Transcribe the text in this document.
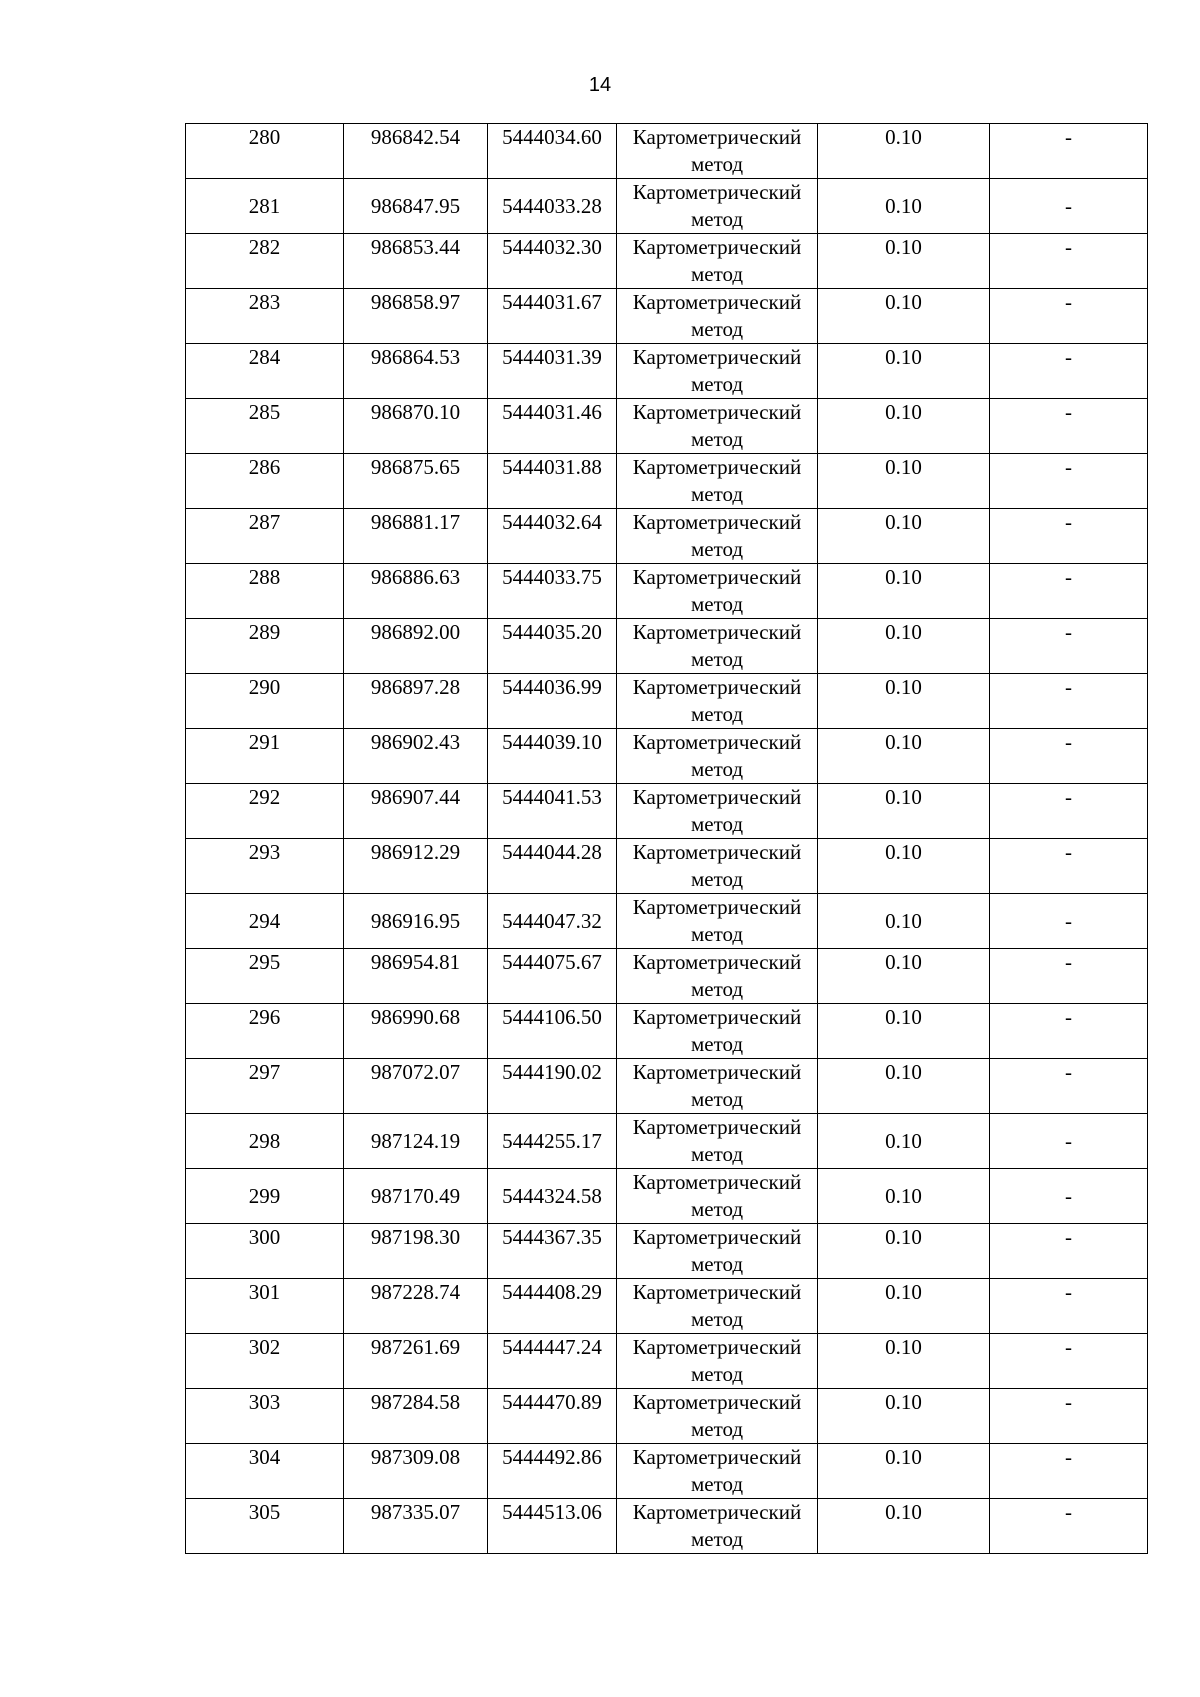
14
280	986842.54	5444034.60	Картометрический метод	0.10	-
281	986847.95	5444033.28	Картометрический метод	0.10	-
282	986853.44	5444032.30	Картометрический метод	0.10	-
283	986858.97	5444031.67	Картометрический метод	0.10	-
284	986864.53	5444031.39	Картометрический метод	0.10	-
285	986870.10	5444031.46	Картометрический метод	0.10	-
286	986875.65	5444031.88	Картометрический метод	0.10	-
287	986881.17	5444032.64	Картометрический метод	0.10	-
288	986886.63	5444033.75	Картометрический метод	0.10	-
289	986892.00	5444035.20	Картометрический метод	0.10	-
290	986897.28	5444036.99	Картометрический метод	0.10	-
291	986902.43	5444039.10	Картометрический метод	0.10	-
292	986907.44	5444041.53	Картометрический метод	0.10	-
293	986912.29	5444044.28	Картометрический метод	0.10	-
294	986916.95	5444047.32	Картометрический метод	0.10	-
295	986954.81	5444075.67	Картометрический метод	0.10	-
296	986990.68	5444106.50	Картометрический метод	0.10	-
297	987072.07	5444190.02	Картометрический метод	0.10	-
298	987124.19	5444255.17	Картометрический метод	0.10	-
299	987170.49	5444324.58	Картометрический метод	0.10	-
300	987198.30	5444367.35	Картометрический метод	0.10	-
301	987228.74	5444408.29	Картометрический метод	0.10	-
302	987261.69	5444447.24	Картометрический метод	0.10	-
303	987284.58	5444470.89	Картометрический метод	0.10	-
304	987309.08	5444492.86	Картометрический метод	0.10	-
305	987335.07	5444513.06	Картометрический метод	0.10	-
